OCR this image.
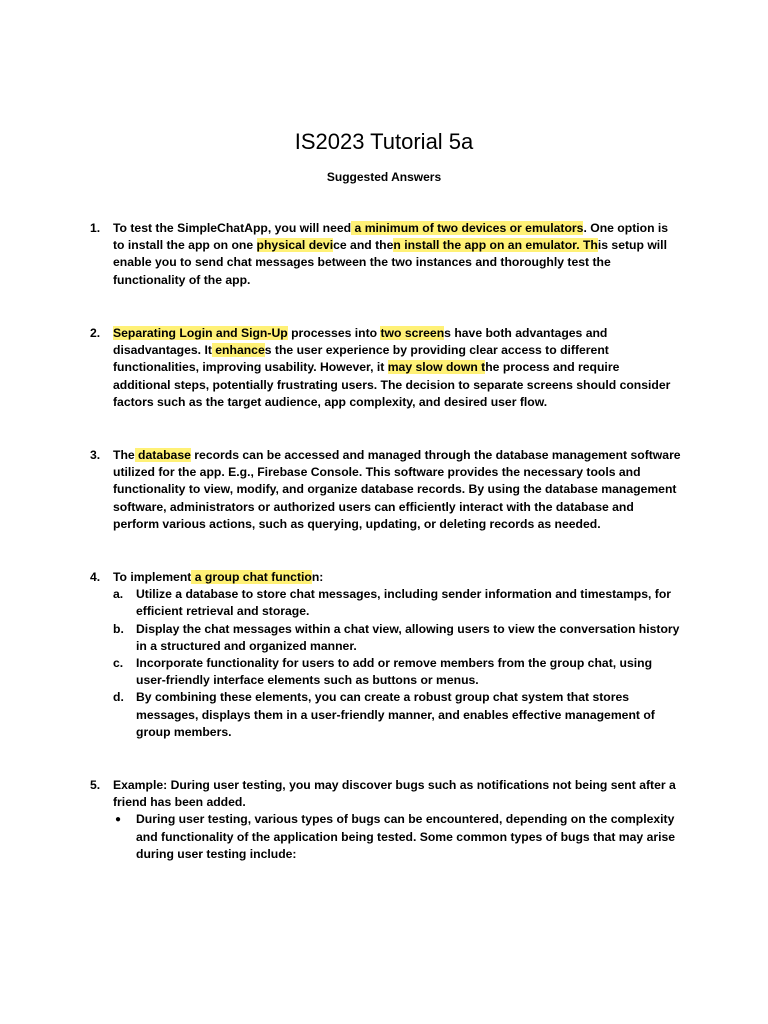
IS2023 Tutorial 5a
Suggested Answers
1.	To test the SimpleChatApp, you will need a minimum of two devices or emulators. One option is
to install the app on one physical device and then install the app on an emulator. This setup will
enable you to send chat messages between the two instances and thoroughly test the
functionality of the app.
2.	Separating Login and Sign-Up processes into two screens have both advantages and
disadvantages. It enhances the user experience by providing clear access to different
functionalities, improving usability. However, it may slow down the process and require
additional steps, potentially frustrating users. The decision to separate screens should consider
factors such as the target audience, app complexity, and desired user flow.
3.	The database records can be accessed and managed through the database management software
utilized for the app. E.g., Firebase Console. This software provides the necessary tools and
functionality to view, modify, and organize database records. By using the database management
software, administrators or authorized users can efficiently interact with the database and
perform various actions, such as querying, updating, or deleting records as needed.
4.	To implement a group chat function:
a.	Utilize a database to store chat messages, including sender information and timestamps, for
efficient retrieval and storage.
b. Display the chat messages within a chat view, allowing users to view the conversation history
in a structured and organized manner.
c.	Incorporate functionality for users to add or remove members from the group chat, using
user-friendly interface elements such as buttons or menus.
d. By combining these elements, you can create a robust group chat system that stores
messages, displays them in a user-friendly manner, and enables effective management of
group members.
5.	Example: During user testing, you may discover bugs such as notifications not being sent after a
friend has been added.
●	During user testing, various types of bugs can be encountered, depending on the complexity
and functionality of the application being tested. Some common types of bugs that may arise
during user testing include:
